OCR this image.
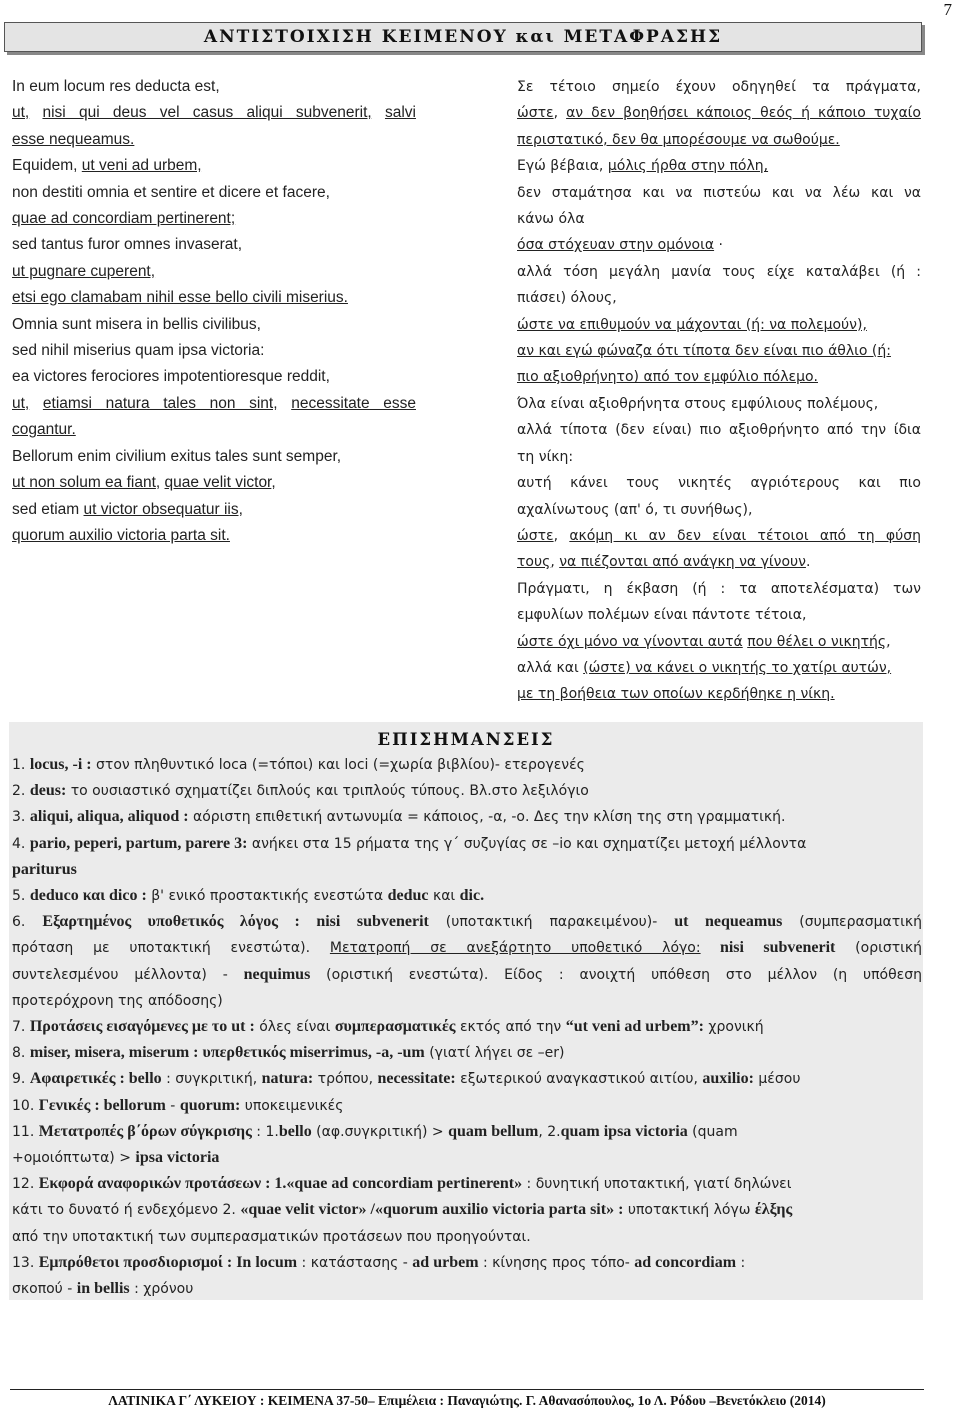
ΑΝΤΙΣΤΟΙΧΙΣΗ ΚΕΙΜΕΝΟΥ και ΜΕΤΑΦΡΑΣΗΣ
7
In eum locum res deducta est,
ut, nisi qui deus vel casus aliqui subvenerit, salvi
esse nequeamus.
Equidem, ut veni ad urbem,
non destiti omnia et sentire et dicere et facere,
quae ad concordiam pertinerent;
sed tantus furor omnes invaserat,
ut pugnare cuperent,
etsi ego clamabam nihil esse bello civili miserius.
Omnia sunt misera in bellis civilibus,
sed nihil miserius quam ipsa victoria:
ea victores ferociores impotentioresque reddit,
ut, etiamsi natura tales non sint, necessitate esse
cogantur.
Bellorum enim civilium exitus tales sunt semper,
ut non solum ea fiant, quae velit victor,
sed etiam ut victor obsequatur iis,
quorum auxilio victoria parta sit.
Σε τέτοιο σημείο έχουν οδηγηθεί τα πράγματα,
ώστε, αν δεν βοηθήσει κάποιος θεός ή κάποιο τυχαίο
περιστατικό, δεν θα μπορέσουμε να σωθούμε.
Εγώ βέβαια, μόλις ήρθα στην πόλη,
δεν σταμάτησα και να πιστεύω και να λέω και να
κάνω όλα
όσα στόχευαν στην ομόνοια ·
αλλά τόση μεγάλη μανία τους είχε καταλάβει (ή :
πιάσει) όλους,
ώστε να επιθυμούν να μάχονται (ή: να πολεμούν),
αν και εγώ φώναζα ότι τίποτα δεν είναι πιο άθλιο (ή:
πιο αξιοθρήνητο) από τον εμφύλιο πόλεμο.
Όλα είναι αξιοθρήνητα στους εμφύλιους πολέμους,
αλλά τίποτα (δεν είναι) πιο αξιοθρήνητο από την ίδια
τη νίκη:
αυτή κάνει τους νικητές αγριότερους και πιο
αχαλίνωτους (απ' ό, τι συνήθως),
ώστε, ακόμη κι αν δεν είναι τέτοιοι από τη φύση
τους, να πιέζονται από ανάγκη να γίνουν.
Πράγματι, η έκβαση (ή : τα αποτελέσματα) των
εμφυλίων πολέμων είναι πάντοτε τέτοια,
ώστε όχι μόνο να γίνονται αυτά που θέλει ο νικητής,
αλλά και (ώστε) να κάνει ο νικητής το χατίρι αυτών,
με τη βοήθεια των οποίων κερδήθηκε η νίκη.
ΕΠΙΣΗΜΑΝΣΕΙΣ
1. locus, -i : στον πληθυντικό loca (=τόποι) και loci (=χωρία βιβλίου)- ετερογενές
2. deus: το ουσιαστικό σχηματίζει διπλούς και τριπλούς τύπους. Βλ.στο λεξιλόγιο
3. aliqui, aliqua, aliquod : αόριστη επιθετική αντωνυμία = κάποιος, -α, -ο. Δες την κλίση της στη γραμματική.
4. pario, peperi, partum, parere 3: ανήκει στα 15 ρήματα της γ΄ συζυγίας σε –io και σχηματίζει μετοχή μέλλοντα
pariturus
5. deduco και dico : β' ενικό προστακτικής ενεστώτα deduc και dic.
6. Εξαρτημένος υποθετικός λόγος : nisi subvenerit (υποτακτική παρακειμένου)- ut nequeamus (συμπερασματική
πρόταση με υποτακτική ενεστώτα). Μετατροπή σε ανεξάρτητο υποθετικό λόγο: nisi subvenerit (οριστική
συντελεσμένου μέλλοντα) - nequimus (οριστική ενεστώτα). Είδος : ανοιχτή υπόθεση στο μέλλον (η υπόθεση
προτερόχρονη της απόδοσης)
7. Προτάσεις εισαγόμενες με το ut : όλες είναι συμπερασματικές εκτός από την “ut veni ad urbem”: χρονική
8. miser, misera, miserum : υπερθετικός miserrimus, -a, -um (γιατί λήγει σε –er)
9. Αφαιρετικές : bello : συγκριτική, natura: τρόπου, necessitate: εξωτερικού αναγκαστικού αιτίου, auxilio: μέσου
10. Γενικές : bellorum - quorum: υποκειμενικές
11. Μετατροπές β΄όρων σύγκρισης : 1.bello (αφ.συγκριτική) > quam bellum, 2.quam ipsa victoria (quam
+ομοιόπτωτα) > ipsa victoria
12. Εκφορά αναφορικών προτάσεων : 1.«quae ad concordiam pertinerent» : δυνητική υποτακτική, γιατί δηλώνει
κάτι το δυνατό ή ενδεχόμενο 2. «quae velit victor» /«quorum auxilio victoria parta sit» : υποτακτική λόγω έλξης
από την υποτακτική των συμπερασματικών προτάσεων που προηγούνται.
13. Εμπρόθετοι προσδιορισμοί : In locum : κατάστασης - ad urbem : κίνησης προς τόπο- ad concordiam :
σκοπού - in bellis : χρόνου
ΛΑΤΙΝΙΚΑ Γ΄ ΛΥΚΕΙΟΥ : ΚΕΙΜΕΝΑ 37-50– Επιμέλεια : Παναγιώτης. Γ. Αθανασόπουλος, 1ο Λ. Ρόδου –Βενετόκλειο (2014)
